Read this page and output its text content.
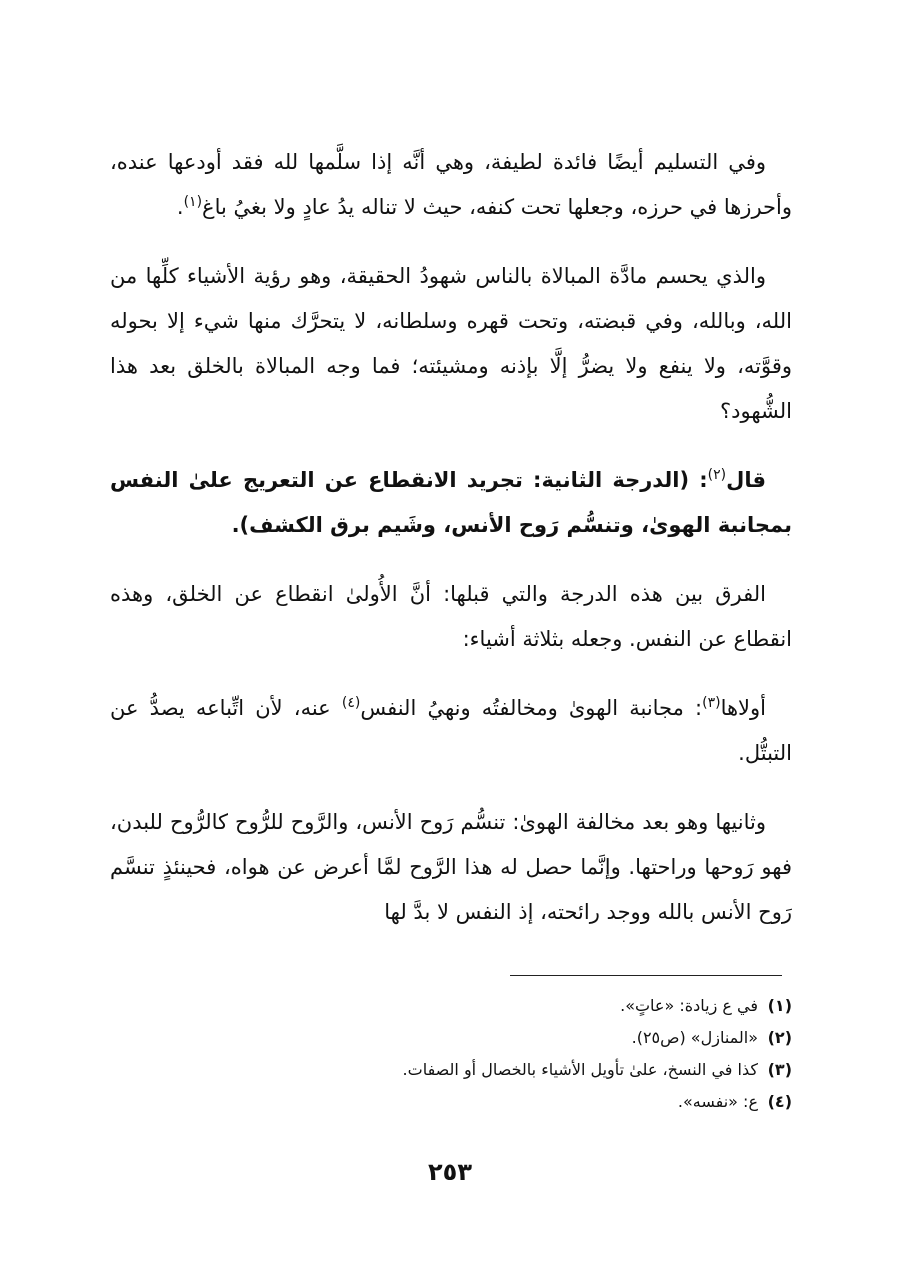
وفي التسليم أيضًا فائدة لطيفة، وهي أنَّه إذا سلَّمها لله فقد أودعها عنده، وأحرزها في حرزه، وجعلها تحت كنفه، حيث لا تناله يدُ عادٍ ولا بغيُ باغ$^{(١)}$.

والذي يحسم مادَّة المبالاة بالناس شهودُ الحقيقة، وهو رؤية الأشياء كلِّها من الله، وبالله، وفي قبضته، وتحت قهره وسلطانه، لا يتحرَّك منها شيء إلا بحوله وقوَّته، ولا ينفع ولا يضرُّ إلَّا بإذنه ومشيئته؛ فما وجه المبالاة بالخلق بعد هذا الشُّهود؟

قال$^{(٢)}$: (الدرجة الثانية: تجريد الانقطاع عن التعريج علىٰ النفس بمجانبة الهوىٰ، وتنسُّم رَوح الأنس، وشَيم برق الكشف).

الفرق بين هذه الدرجة والتي قبلها: أنَّ الأُولىٰ انقطاع عن الخلق، وهذه انقطاع عن النفس. وجعله بثلاثة أشياء:

أولاها$^{(٣)}$: مجانبة الهوىٰ ومخالفتُه ونهيُ النفس$^{(٤)}$ عنه، لأن اتِّباعه يصدُّ عن التبتُّل.

وثانيها وهو بعد مخالفة الهوىٰ: تنسُّم رَوح الأنس، والرَّوح للرُّوح كالرُّوح للبدن، فهو رَوحها وراحتها. وإنَّما حصل له هذا الرَّوح لمَّا أعرض عن هواه، فحينئذٍ تنسَّم رَوح الأنس بالله ووجد رائحته، إذ النفس لا بدَّ لها

(١)في ع زيادة: «عاتٍ».

(٢)«المنازل» (ص٢٥).

(٣)كذا في النسخ، علىٰ تأويل الأشياء بالخصال أو الصفات.

(٤)ع: «نفسه».

٢٥٣
